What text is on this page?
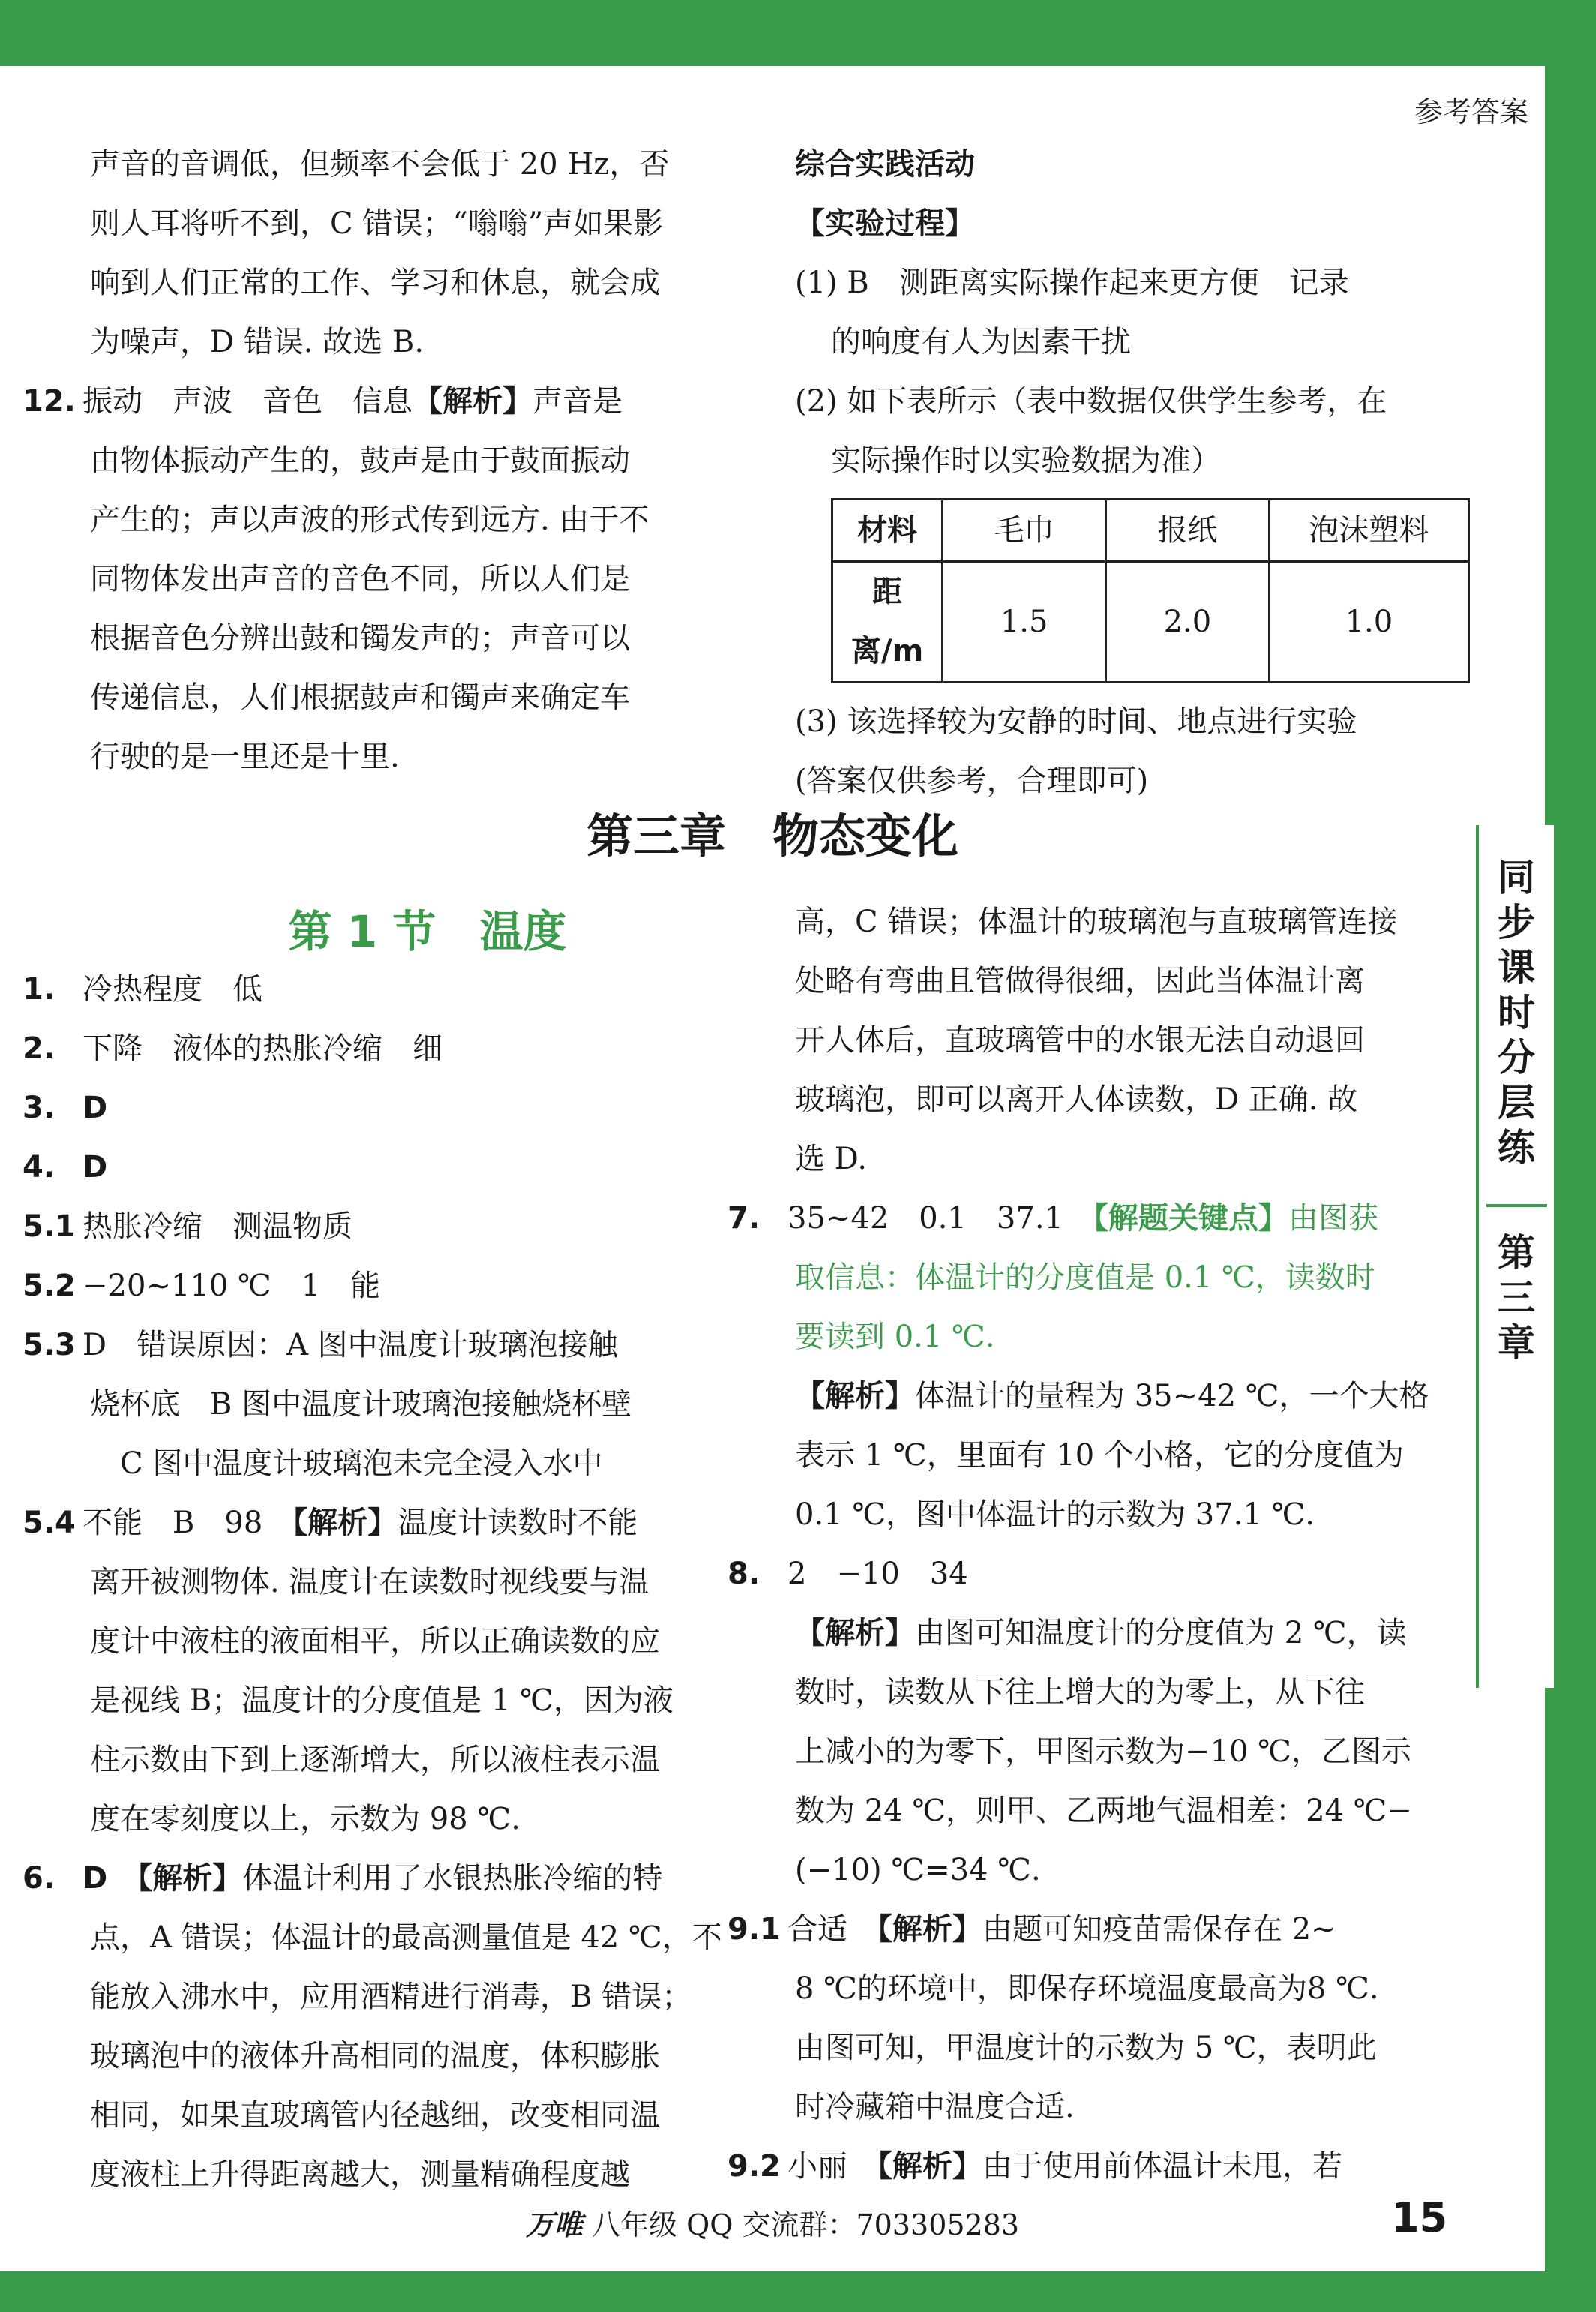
同
步
课
时
分
层
练
第
三
章
参考答案
声音的音调低，但频率不会低于 20 Hz，否
则人耳将听不到，C 错误；“嗡嗡”声如果影
响到人们正常的工作、学习和休息，就会成
为噪声，D 错误. 故选 B.
12. 振动　声波　音色　信息【解析】声音是
由物体振动产生的，鼓声是由于鼓面振动
产生的；声以声波的形式传到远方. 由于不
同物体发出声音的音色不同，所以人们是
根据音色分辨出鼓和镯发声的；声音可以
传递信息，人们根据鼓声和镯声来确定车
行驶的是一里还是十里.
综合实践活动
【实验过程】
(1) B　测距离实际操作起来更方便　记录
的响度有人为因素干扰
(2) 如下表所示（表中数据仅供学生参考，在
实际操作时以实验数据为准）
材料	毛巾	报纸	泡沫塑料
距离/m	1.5	2.0	1.0
(3) 该选择较为安静的时间、地点进行实验
(答案仅供参考，合理即可)
第三章　物态变化
第 1 节　温度
1. 冷热程度　低
2. 下降　液体的热胀冷缩　细
3. D
4. D
5.1 热胀冷缩　测温物质
5.2 −20~110 ℃　1　能
5.3 D　错误原因：A 图中温度计玻璃泡接触
烧杯底　B 图中温度计玻璃泡接触烧杯壁
　C 图中温度计玻璃泡未完全浸入水中
5.4 不能　B　98　【解析】温度计读数时不能
离开被测物体. 温度计在读数时视线要与温
度计中液柱的液面相平，所以正确读数的应
是视线 B；温度计的分度值是 1 ℃，因为液
柱示数由下到上逐渐增大，所以液柱表示温
度在零刻度以上，示数为 98 ℃.
6. D　【解析】体温计利用了水银热胀冷缩的特
点，A 错误；体温计的最高测量值是 42 ℃，不
能放入沸水中，应用酒精进行消毒，B 错误；
玻璃泡中的液体升高相同的温度，体积膨胀
相同，如果直玻璃管内径越细，改变相同温
度液柱上升得距离越大，测量精确程度越
高，C 错误；体温计的玻璃泡与直玻璃管连接
处略有弯曲且管做得很细，因此当体温计离
开人体后，直玻璃管中的水银无法自动退回
玻璃泡，即可以离开人体读数，D 正确. 故
选 D.
7. 35~42　0.1　37.1　【解题关键点】由图获
取信息：体温计的分度值是 0.1 ℃，读数时
要读到 0.1 ℃.
【解析】体温计的量程为 35~42 ℃，一个大格
表示 1 ℃，里面有 10 个小格，它的分度值为
0.1 ℃，图中体温计的示数为 37.1 ℃.
8. 2　−10　34
【解析】由图可知温度计的分度值为 2 ℃，读
数时，读数从下往上增大的为零上，从下往
上减小的为零下，甲图示数为−10 ℃，乙图示
数为 24 ℃，则甲、乙两地气温相差：24 ℃−
(−10) ℃=34 ℃.
9.1 合适　【解析】由题可知疫苗需保存在 2~
8 ℃的环境中，即保存环境温度最高为8 ℃.
由图可知，甲温度计的示数为 5 ℃，表明此
时冷藏箱中温度合适.
9.2 小丽　【解析】由于使用前体温计未甩，若
万唯 八年级 QQ 交流群：703305283	15
